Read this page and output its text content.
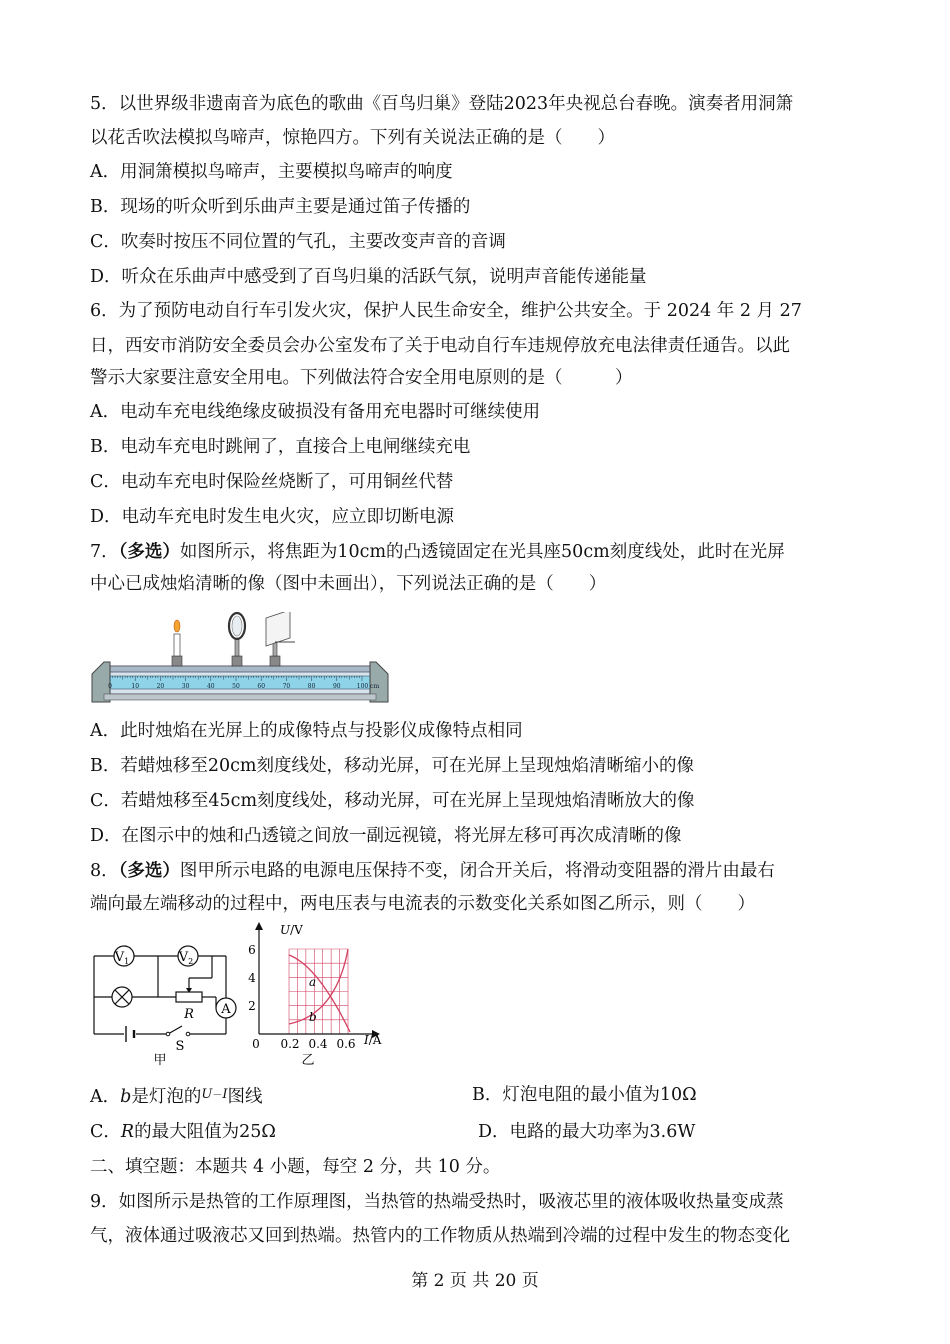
5．以世界级非遗南音为底色的歌曲《百鸟归巢》登陆2023年央视总台春晚。演奏者用洞箫
以花舌吹法模拟鸟啼声，惊艳四方。下列有关说法正确的是（　　）
A．用洞箫模拟鸟啼声，主要模拟鸟啼声的响度
B．现场的听众听到乐曲声主要是通过笛子传播的
C．吹奏时按压不同位置的气孔，主要改变声音的音调
D．听众在乐曲声中感受到了百鸟归巢的活跃气氛，说明声音能传递能量
6．为了预防电动自行车引发火灾，保护人民生命安全，维护公共安全。于 2024 年 2 月 27
日，西安市消防安全委员会办公室发布了关于电动自行车违规停放充电法律责任通告。以此
警示大家要注意安全用电。下列做法符合安全用电原则的是（　　　）
A．电动车充电线绝缘皮破损没有备用充电器时可继续使用
B．电动车充电时跳闸了，直接合上电闸继续充电
C．电动车充电时保险丝烧断了，可用铜丝代替
D．电动车充电时发生电火灾，应立即切断电源
7．（多选）如图所示，将焦距为10cm的凸透镜固定在光具座50cm刻度线处，此时在光屏
中心已成烛焰清晰的像（图中未画出），下列说法正确的是（　　）
0	10	20	30	40	50	60	70	80	90	100 cm
A．此时烛焰在光屏上的成像特点与投影仪成像特点相同
B．若蜡烛移至20cm刻度线处，移动光屏，可在光屏上呈现烛焰清晰缩小的像
C．若蜡烛移至45cm刻度线处，移动光屏，可在光屏上呈现烛焰清晰放大的像
D．在图示中的烛和凸透镜之间放一副远视镜，将光屏左移可再次成清晰的像
8．（多选）图甲所示电路的电源电压保持不变，闭合开关后，将滑动变阻器的滑片由最右
端向最左端移动的过程中，两电压表与电流表的示数变化关系如图乙所示，则（　　）
$V_1$	$V_2$
A
R
S
甲
6
4
2
0 0.2 0.4 0.6
U/V
I/A
a
b
乙
A．b是灯泡的$^{U-I}$图线	B．灯泡电阻的最小值为10Ω
C．R的最大阻值为25Ω	D．电路的最大功率为3.6W
二、填空题：本题共 4 小题，每空 2 分，共 10 分。
9．如图所示是热管的工作原理图，当热管的热端受热时，吸液芯里的液体吸收热量变成蒸
气，液体通过吸液芯又回到热端。热管内的工作物质从热端到冷端的过程中发生的物态变化
第 2 页 共 20 页
